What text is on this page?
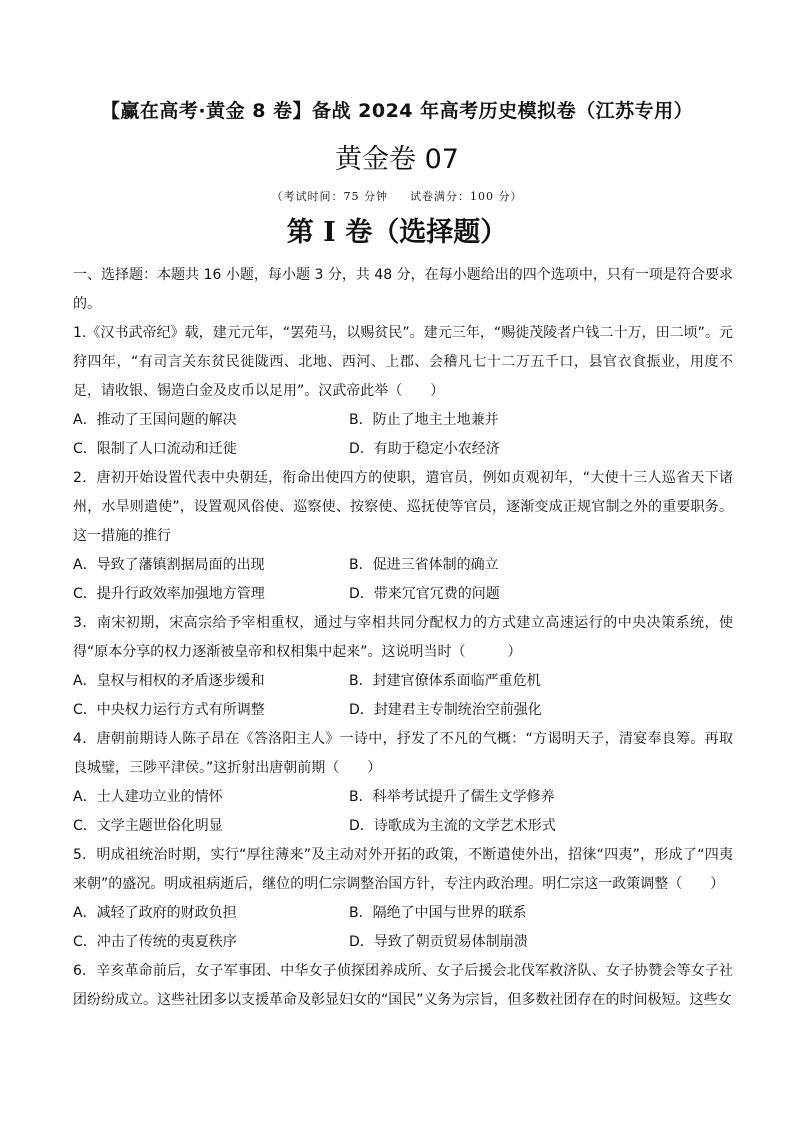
【赢在高考·黄金 8 卷】备战 2024 年高考历史模拟卷（江苏专用）
黄金卷 07
（考试时间：75 分钟 试卷满分：100 分）
第 I 卷（选择题）

一、选择题：本题共 16 小题，每小题 3 分，共 48 分，在每小题给出的四个选项中，只有一项是符合要求的。

1.《汉书武帝纪》载，建元元年，“罢苑马，以赐贫民”。建元三年，“赐徙茂陵者户钱二十万，田二顷”。元狩四年，“有司言关东贫民徙陇西、北地、西河、上郡、会稽凡七十二万五千口，县官衣食振业，用度不足，请收银、锡造白金及皮币以足用”。汉武帝此举（　　）

A．推动了王国问题的解决	B．防止了地主土地兼并
C．限制了人口流动和迁徙	D．有助于稳定小农经济

2．唐初开始设置代表中央朝廷，衔命出使四方的使职，遣官员，例如贞观初年，“大使十三人巡省天下诸州，水旱则遣使”，设置观风俗使、巡察使、按察使、巡抚使等官员，逐渐变成正规官制之外的重要职务。这一措施的推行

A．导致了藩镇割据局面的出现	B．促进三省体制的确立
C．提升行政效率加强地方管理	D．带来冗官冗费的问题

3．南宋初期，宋高宗给予宰相重权，通过与宰相共同分配权力的方式建立高速运行的中央决策系统，使得“原本分享的权力逐渐被皇帝和权相集中起来”。这说明当时（　　　）

A．皇权与相权的矛盾逐步缓和	B．封建官僚体系面临严重危机
C．中央权力运行方式有所调整	D．封建君主专制统治空前强化

4．唐朝前期诗人陈子昂在《答洛阳主人》一诗中，抒发了不凡的气概：“方谒明天子，清宴奉良筹。再取良城璧，三陟平津侯。”这折射出唐朝前期（　　）

A．士人建功立业的情怀	B．科举考试提升了儒生文学修养
C．文学主题世俗化明显	D．诗歌成为主流的文学艺术形式

5．明成祖统治时期，实行“厚往薄来”及主动对外开拓的政策，不断遣使外出，招徕“四夷”，形成了“四夷来朝”的盛况。明成祖病逝后，继位的明仁宗调整治国方针，专注内政治理。明仁宗这一政策调整（　　）

A．减轻了政府的财政负担	B．隔绝了中国与世界的联系
C．冲击了传统的夷夏秩序	D．导致了朝贡贸易体制崩溃

6．辛亥革命前后，女子军事团、中华女子侦探团养成所、女子后援会北伐军救济队、女子协赞会等女子社团纷纷成立。这些社团多以支援革命及彰显妇女的“国民”义务为宗旨，但多数社团存在的时间极短。这些女
